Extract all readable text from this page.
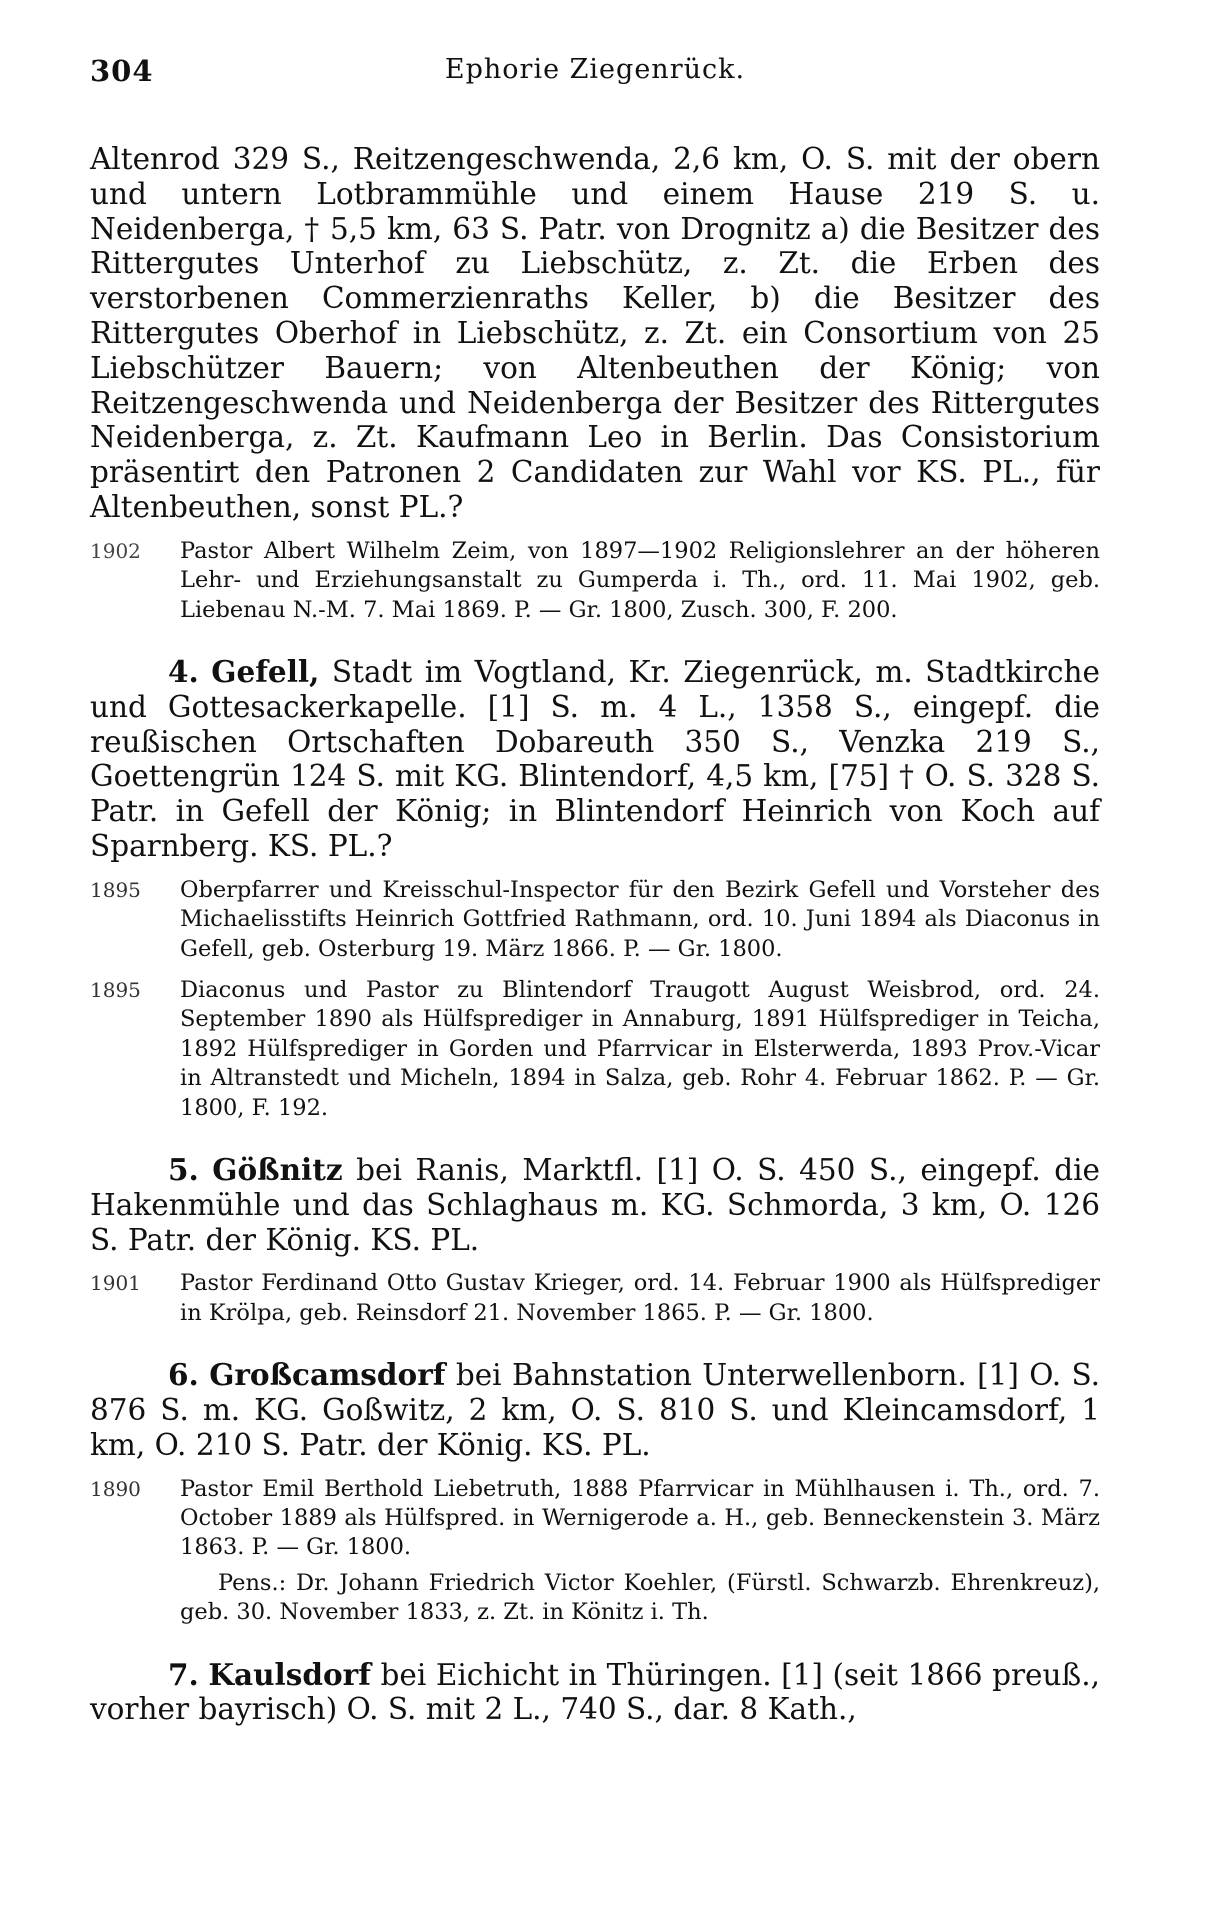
304	Ephorie Ziegenrück.

Altenrod 329 S., Reitzengeschwenda, 2,6 km, O. S. mit der obern und untern Lotbrammühle und einem Hause 219 S. u. Neidenberga, † 5,5 km, 63 S. Patr. von Drognitz a) die Besitzer des Rittergutes Unterhof zu Liebschütz, z. Zt. die Erben des verstorbenen Commerzienraths Keller, b) die Besitzer des Rittergutes Oberhof in Liebschütz, z. Zt. ein Consortium von 25 Liebschützer Bauern; von Altenbeuthen der König; von Reitzengeschwenda und Neidenberga der Besitzer des Rittergutes Neidenberga, z. Zt. Kaufmann Leo in Berlin. Das Consistorium präsentirt den Patronen 2 Candidaten zur Wahl vor KS. PL., für Altenbeuthen, sonst PL.?

1902	Pastor Albert Wilhelm Zeim, von 1897—1902 Religionslehrer an der höheren Lehr- und Erziehungsanstalt zu Gumperda i. Th., ord. 11. Mai 1902, geb. Liebenau N.-M. 7. Mai 1869. P. — Gr. 1800, Zusch. 300, F. 200.
4. Gefell, Stadt im Vogtland, Kr. Ziegenrück, m. Stadtkirche und Gottesackerkapelle. [1] S. m. 4 L., 1358 S., eingepf. die reußischen Ortschaften Dobareuth 350 S., Venzka 219 S., Goettengrün 124 S. mit KG. Blintendorf, 4,5 km, [75] † O. S. 328 S. Patr. in Gefell der König; in Blintendorf Heinrich von Koch auf Sparnberg. KS. PL.?
1895	Oberpfarrer und Kreisschul-Inspector für den Bezirk Gefell und Vorsteher des Michaelisstifts Heinrich Gottfried Rathmann, ord. 10. Juni 1894 als Diaconus in Gefell, geb. Osterburg 19. März 1866. P. — Gr. 1800.
1895	Diaconus und Pastor zu Blintendorf Traugott August Weisbrod, ord. 24. September 1890 als Hülfsprediger in Annaburg, 1891 Hülfsprediger in Teicha, 1892 Hülfsprediger in Gorden und Pfarrvicar in Elsterwerda, 1893 Prov.-Vicar in Altranstedt und Micheln, 1894 in Salza, geb. Rohr 4. Februar 1862. P. — Gr. 1800, F. 192.
5. Gößnitz bei Ranis, Marktfl. [1] O. S. 450 S., eingepf. die Hakenmühle und das Schlaghaus m. KG. Schmorda, 3 km, O. 126 S. Patr. der König. KS. PL.
1901	Pastor Ferdinand Otto Gustav Krieger, ord. 14. Februar 1900 als Hülfsprediger in Krölpa, geb. Reinsdorf 21. November 1865. P. — Gr. 1800.
6. Großcamsdorf bei Bahnstation Unterwellenborn. [1] O. S. 876 S. m. KG. Goßwitz, 2 km, O. S. 810 S. und Kleincamsdorf, 1 km, O. 210 S. Patr. der König. KS. PL.
1890	Pastor Emil Berthold Liebetruth, 1888 Pfarrvicar in Mühlhausen i. Th., ord. 7. October 1889 als Hülfspred. in Wernigerode a. H., geb. Benneckenstein 3. März 1863. P. — Gr. 1800.
Pens.: Dr. Johann Friedrich Victor Koehler, (Fürstl. Schwarzb. Ehrenkreuz), geb. 30. November 1833, z. Zt. in Könitz i. Th.
7. Kaulsdorf bei Eichicht in Thüringen. [1] (seit 1866 preuß., vorher bayrisch) O. S. mit 2 L., 740 S., dar. 8 Kath.,
